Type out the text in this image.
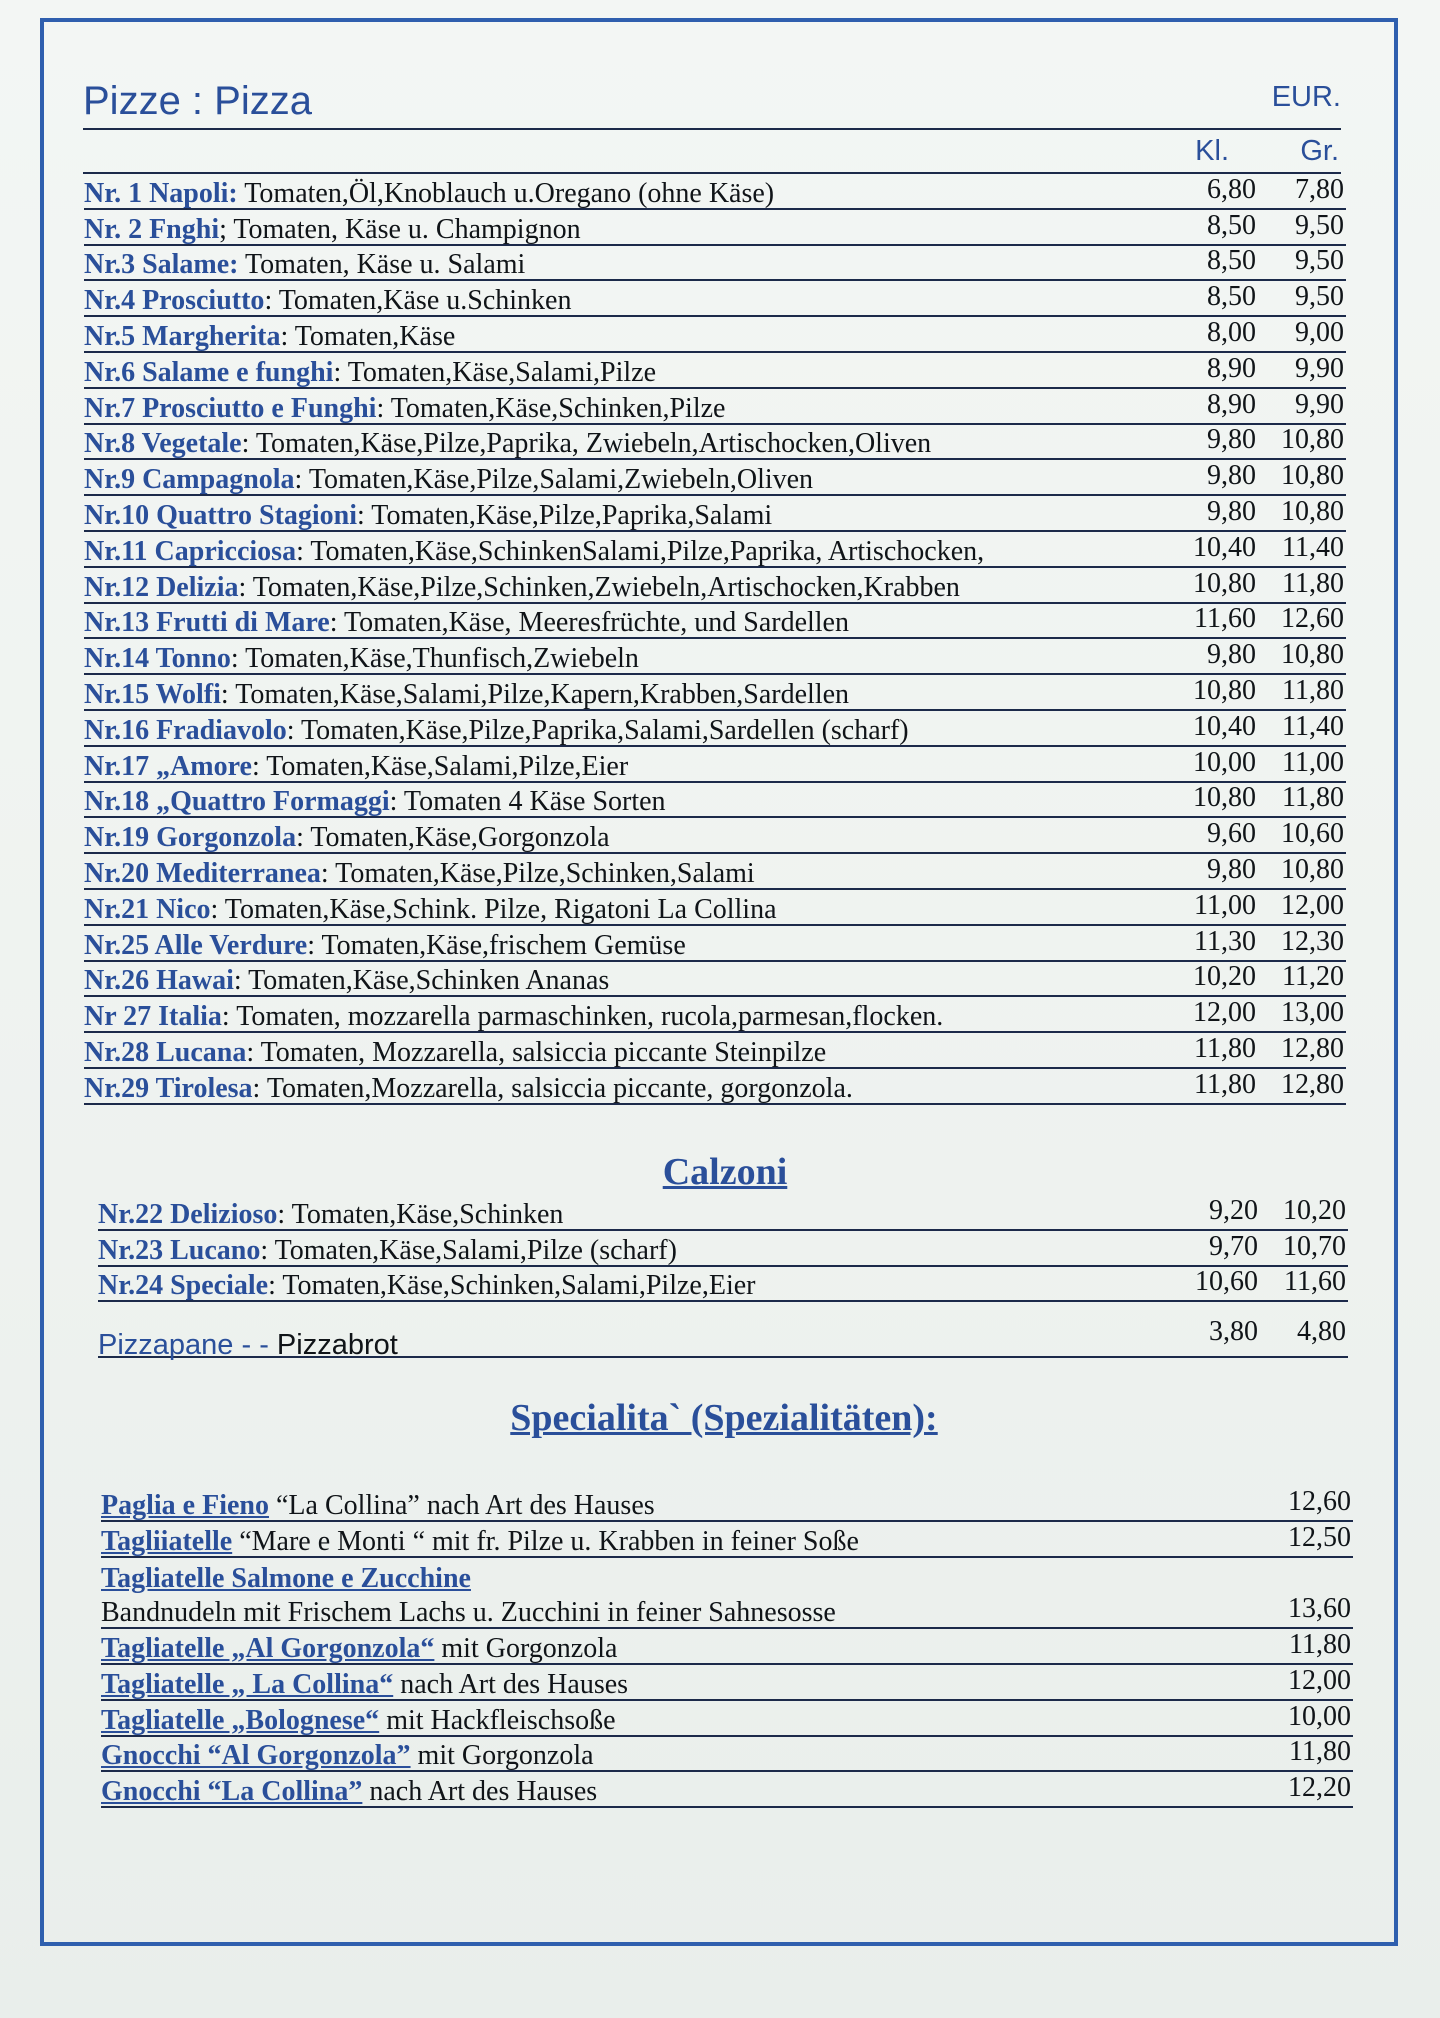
Pizze : Pizza	EUR.
Kl. Gr.
Nr. 1 Napoli: Tomaten,Öl,Knoblauch u.Oregano (ohne Käse)	6,80 7,80
Nr. 2 Fnghi; Tomaten, Käse u. Champignon	8,50 9,50
Nr.3 Salame: Tomaten, Käse u. Salami	8,50 9,50
Nr.4 Prosciutto: Tomaten,Käse u.Schinken	8,50 9,50
Nr.5 Margherita: Tomaten,Käse	8,00 9,00
Nr.6 Salame e funghi: Tomaten,Käse,Salami,Pilze	8,90 9,90
Nr.7 Prosciutto e Funghi: Tomaten,Käse,Schinken,Pilze	8,90 9,90
Nr.8 Vegetale: Tomaten,Käse,Pilze,Paprika, Zwiebeln,Artischocken,Oliven	9,80 10,80
Nr.9 Campagnola: Tomaten,Käse,Pilze,Salami,Zwiebeln,Oliven	9,80 10,80
Nr.10 Quattro Stagioni: Tomaten,Käse,Pilze,Paprika,Salami	9,80 10,80
Nr.11 Capricciosa: Tomaten,Käse,SchinkenSalami,Pilze,Paprika, Artischocken,	10,40 11,40
Nr.12 Delizia: Tomaten,Käse,Pilze,Schinken,Zwiebeln,Artischocken,Krabben	10,80 11,80
Nr.13 Frutti di Mare: Tomaten,Käse, Meeresfrüchte, und Sardellen	11,60 12,60
Nr.14 Tonno: Tomaten,Käse,Thunfisch,Zwiebeln	9,80 10,80
Nr.15 Wolfi: Tomaten,Käse,Salami,Pilze,Kapern,Krabben,Sardellen	10,80 11,80
Nr.16 Fradiavolo: Tomaten,Käse,Pilze,Paprika,Salami,Sardellen (scharf)	10,40 11,40
Nr.17 „Amore: Tomaten,Käse,Salami,Pilze,Eier	10,00 11,00
Nr.18 „Quattro Formaggi: Tomaten 4 Käse Sorten	10,80 11,80
Nr.19 Gorgonzola: Tomaten,Käse,Gorgonzola	9,60 10,60
Nr.20 Mediterranea: Tomaten,Käse,Pilze,Schinken,Salami	9,80 10,80
Nr.21 Nico: Tomaten,Käse,Schink. Pilze, Rigatoni La Collina	11,00 12,00
Nr.25 Alle Verdure: Tomaten,Käse,frischem Gemüse	11,30 12,30
Nr.26 Hawai: Tomaten,Käse,Schinken Ananas	10,20 11,20
Nr 27 Italia: Tomaten, mozzarella parmaschinken, rucola,parmesan,flocken.	12,00 13,00
Nr.28 Lucana: Tomaten, Mozzarella, salsiccia piccante Steinpilze	11,80 12,80
Nr.29 Tirolesa: Tomaten,Mozzarella, salsiccia piccante, gorgonzola.	11,80 12,80
Calzoni
Nr.22 Delizioso: Tomaten,Käse,Schinken	9,20 10,20
Nr.23 Lucano: Tomaten,Käse,Salami,Pilze (scharf)	9,70 10,70
Nr.24 Speciale: Tomaten,Käse,Schinken,Salami,Pilze,Eier	10,60 11,60
Pizzapane - - Pizzabrot	3,80 4,80
Specialita` (Spezialitäten):
Paglia e Fieno “La Collina” nach Art des Hauses	12,60
Tagliiatelle “Mare e Monti “ mit fr. Pilze u. Krabben in feiner Soße	12,50
Tagliatelle Salmone e Zucchine
Bandnudeln mit Frischem Lachs u. Zucchini in feiner Sahnesosse	13,60
Tagliatelle „Al Gorgonzola“ mit Gorgonzola	11,80
Tagliatelle „ La Collina“ nach Art des Hauses	12,00
Tagliatelle „Bolognese“ mit Hackfleischsoße	10,00
Gnocchi “Al Gorgonzola” mit Gorgonzola	11,80
Gnocchi “La Collina” nach Art des Hauses	12,20
